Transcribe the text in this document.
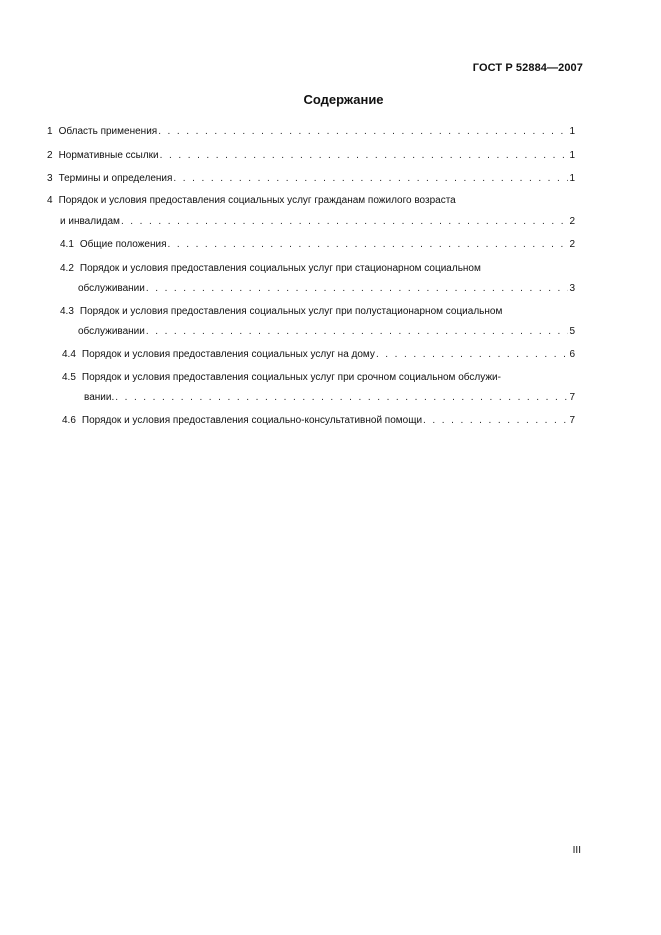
ГОСТ Р 52884—2007
Содержание
1 Область применения . . .	1
2 Нормативные ссылки . . .	1
3 Термины и определения . . .	1
4 Порядок и условия предоставления социальных услуг гражданам пожилого возраста
и инвалидам . . .	2
4.1 Общие положения . . .	2
4.2 Порядок и условия предоставления социальных услуг при стационарном социальном
обслуживании . . .	3
4.3 Порядок и условия предоставления социальных услуг при полустационарном социальном
обслуживании . . .	5
4.4 Порядок и условия предоставления социальных услуг на дому . . .	6
4.5 Порядок и условия предоставления социальных услуг при срочном социальном обслужи-
вании. . . .	7
4.6 Порядок и условия предоставления социально-консультативной помощи . . .	7
III
